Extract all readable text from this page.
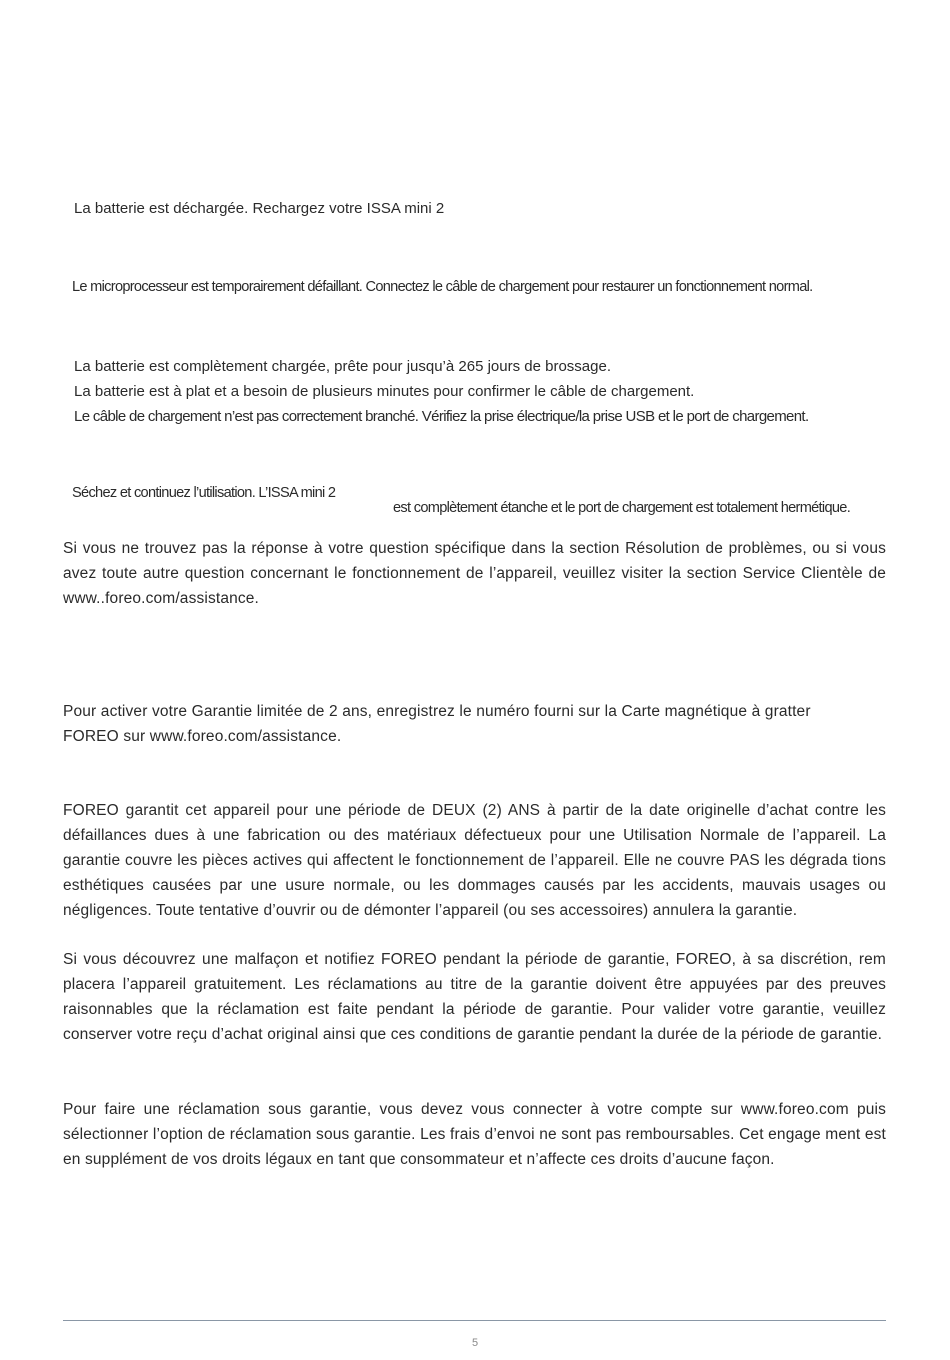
La batterie est déchargée. Rechargez votre ISSA mini 2

Le microprocesseur est temporairement défaillant. Connectez le câble de chargement pour restaurer un fonctionnement normal.

La batterie est complètement chargée, prête pour jusqu’à 265 jours de brossage.

La batterie est à plat et a besoin de plusieurs minutes pour confirmer le câble de chargement.

Le câble de chargement n’est pas correctement branché. Vérifiez la prise électrique/la prise USB et le port de chargement.

Séchez et continuez l’utilisation. L’ISSA mini 2

est complètement étanche et le port de chargement est totalement hermétique.

Si vous ne trouvez pas la réponse à votre question spécifique dans la section Résolution de problèmes, ou si vous avez toute autre question concernant le fonctionnement de l’appareil, veuillez visiter la section Service Clientèle de www..foreo.com/assistance.

Pour activer votre Garantie limitée de 2 ans, enregistrez le numéro fourni sur la Carte magnétique à gratter FOREO sur www.foreo.com/assistance.

FOREO garantit cet appareil pour une période de DEUX (2) ANS à partir de la date originelle d’achat contre les défaillances dues à une fabrication ou des matériaux défectueux pour une Utilisation Normale de l’appareil. La garantie couvre les pièces actives qui affectent le fonctionnement de l’appareil. Elle ne couvre PAS les dégrada tions esthétiques causées par une usure normale, ou les dommages causés par les accidents, mauvais usages ou négligences. Toute tentative d’ouvrir ou de démonter l’appareil (ou ses accessoires) annulera la garantie.

Si vous découvrez une malfaçon et notifiez FOREO pendant la période de garantie, FOREO, à sa discrétion, rem placera l’appareil gratuitement. Les réclamations au titre de la garantie doivent être appuyées par des preuves raisonnables que la réclamation est faite pendant la période de garantie. Pour valider votre garantie, veuillez conserver votre reçu d’achat original ainsi que ces conditions de garantie pendant la durée de la période de garantie.

Pour faire une réclamation sous garantie, vous devez vous connecter à votre compte sur www.foreo.com puis sélectionner l’option de réclamation sous garantie. Les frais d’envoi ne sont pas remboursables. Cet engage ment est en supplément de vos droits légaux en tant que consommateur et n’affecte ces droits d’aucune façon.

5
